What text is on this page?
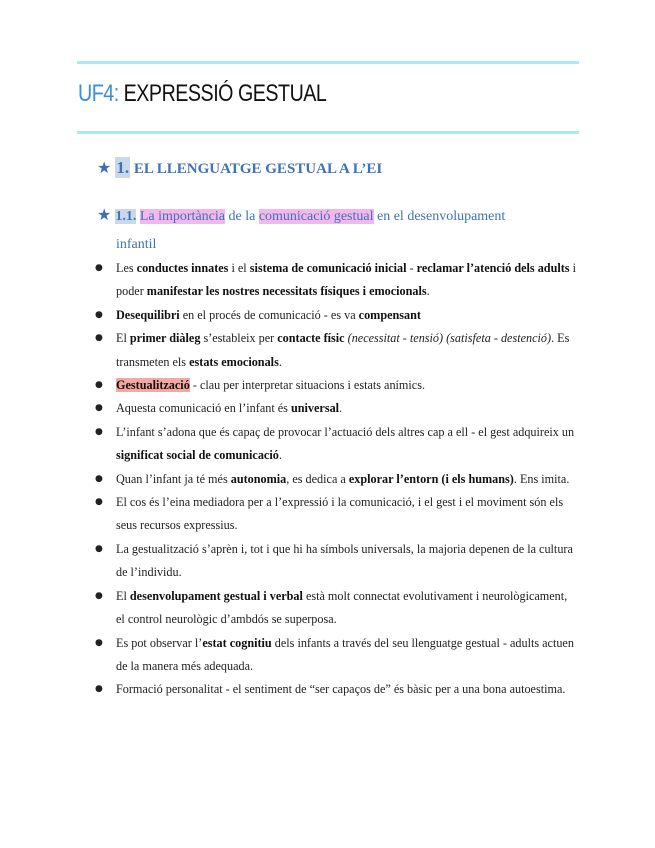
UF4: EXPRESSIÓ GESTUAL
★ 1. EL LLENGUATGE GESTUAL A L’EI
★ 1.1. La importància de la comunicació gestual en el desenvolupament
infantil
● Les conductes innates i el sistema de comunicació inicial - reclamar l’atenció dels adults i poder manifestar les nostres necessitats físiques i emocionals.
● Desequilibri en el procés de comunicació - es va compensant
● El primer diàleg s’estableix per contacte físic (necessitat - tensió) (satisfeta - destenció). Es transmeten els estats emocionals.
● Gestualització - clau per interpretar situacions i estats anímics.
● Aquesta comunicació en l’infant és universal.
● L’infant s’adona que és capaç de provocar l’actuació dels altres cap a ell - el gest adquireix un significat social de comunicació.
● Quan l’infant ja té més autonomia, es dedica a explorar l’entorn (i els humans). Ens imita.
● El cos és l’eina mediadora per a l’expressió i la comunicació, i el gest i el moviment són els seus recursos expressius.
● La gestualització s’aprèn i, tot i que hi ha símbols universals, la majoria depenen de la cultura de l’individu.
● El desenvolupament gestual i verbal està molt connectat evolutivament i neurològicament, el control neurològic d’ambdós se superposa.
● Es pot observar l’estat cognitiu dels infants a través del seu llenguatge gestual - adults actuen de la manera més adequada.
● Formació personalitat - el sentiment de “ser capaços de” és bàsic per a una bona autoestima.
